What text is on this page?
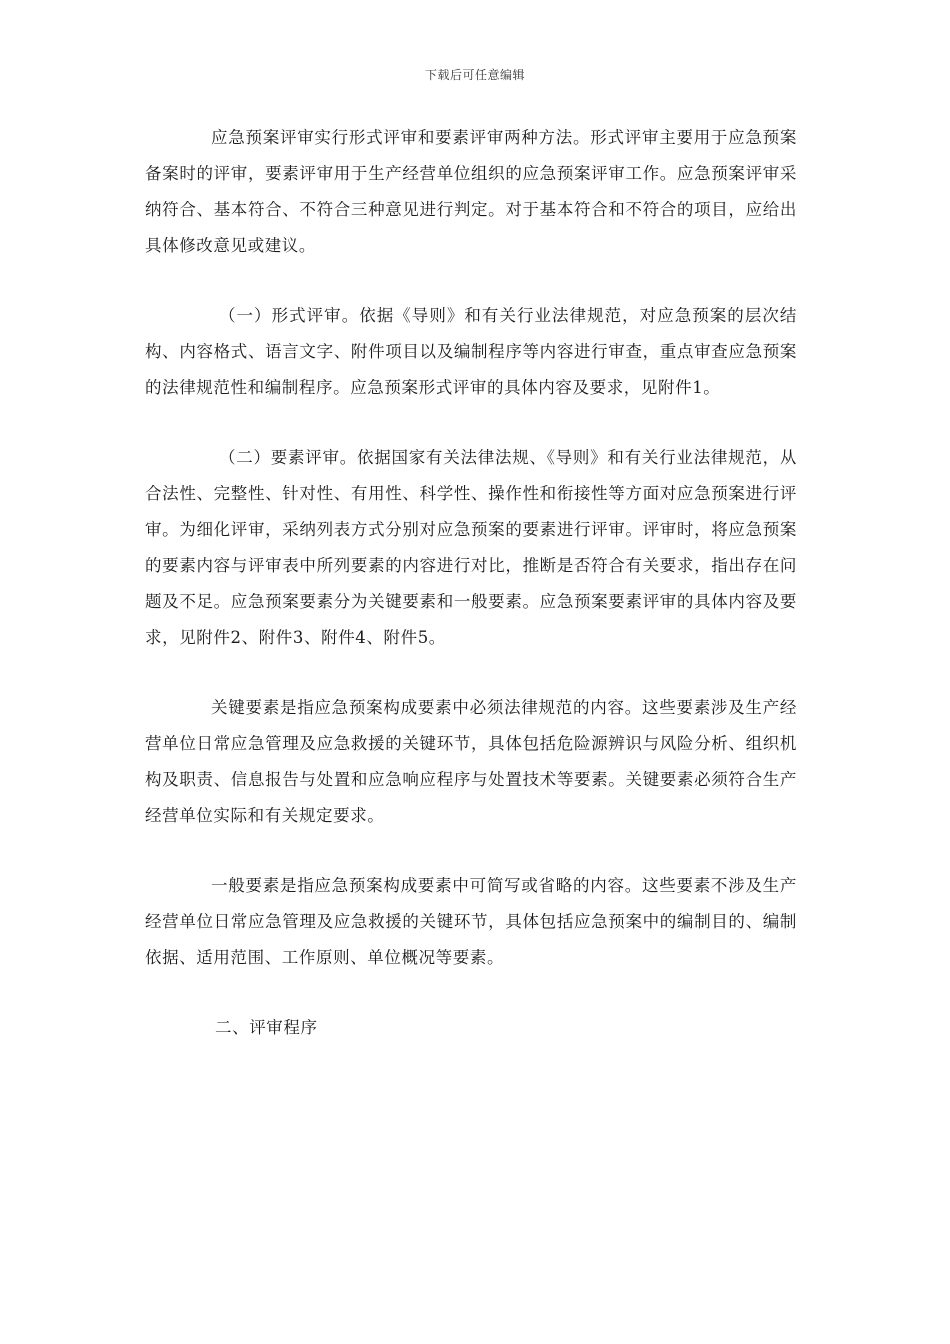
下载后可任意编辑

应急预案评审实行形式评审和要素评审两种方法。形式评审主要用于应急预案备案时的评审，要素评审用于生产经营单位组织的应急预案评审工作。应急预案评审采纳符合、基本符合、不符合三种意见进行判定。对于基本符合和不符合的项目，应给出具体修改意见或建议。

（一）形式评审。依据《导则》和有关行业法律规范，对应急预案的层次结构、内容格式、语言文字、附件项目以及编制程序等内容进行审查，重点审查应急预案的法律规范性和编制程序。应急预案形式评审的具体内容及要求，见附件1。

（二）要素评审。依据国家有关法律法规、《导则》和有关行业法律规范，从合法性、完整性、针对性、有用性、科学性、操作性和衔接性等方面对应急预案进行评审。为细化评审，采纳列表方式分别对应急预案的要素进行评审。评审时，将应急预案的要素内容与评审表中所列要素的内容进行对比，推断是否符合有关要求，指出存在问题及不足。应急预案要素分为关键要素和一般要素。应急预案要素评审的具体内容及要求，见附件2、附件3、附件4、附件5。

关键要素是指应急预案构成要素中必须法律规范的内容。这些要素涉及生产经营单位日常应急管理及应急救援的关键环节，具体包括危险源辨识与风险分析、组织机构及职责、信息报告与处置和应急响应程序与处置技术等要素。关键要素必须符合生产经营单位实际和有关规定要求。

一般要素是指应急预案构成要素中可简写或省略的内容。这些要素不涉及生产经营单位日常应急管理及应急救援的关键环节，具体包括应急预案中的编制目的、编制依据、适用范围、工作原则、单位概况等要素。

二、评审程序
